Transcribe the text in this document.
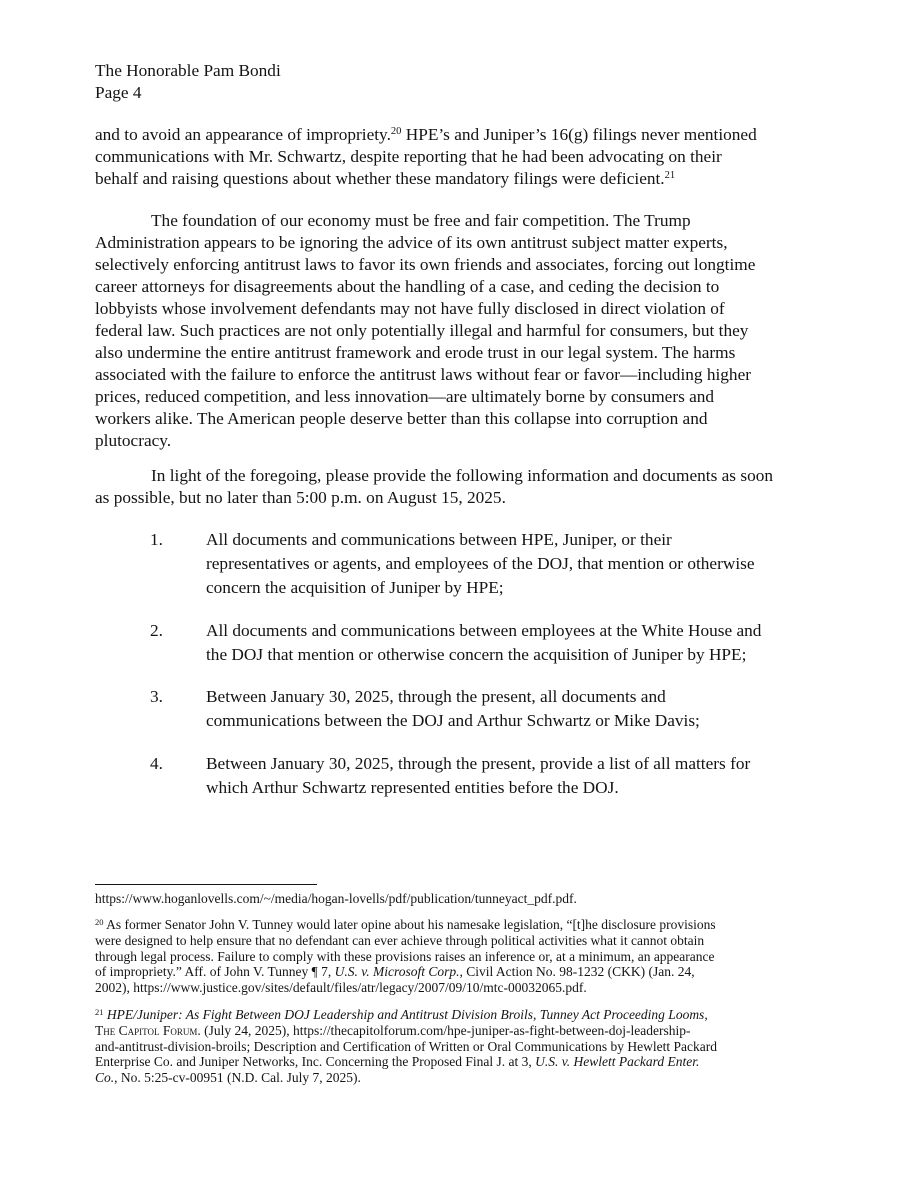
The Honorable Pam Bondi
Page 4
and to avoid an appearance of impropriety.$^{20}$ HPE’s and Juniper’s 16(g) filings never mentioned
communications with Mr. Schwartz, despite reporting that he had been advocating on their
behalf and raising questions about whether these mandatory filings were deficient.$^{21}$
The foundation of our economy must be free and fair competition. The Trump
Administration appears to be ignoring the advice of its own antitrust subject matter experts,
selectively enforcing antitrust laws to favor its own friends and associates, forcing out longtime
career attorneys for disagreements about the handling of a case, and ceding the decision to
lobbyists whose involvement defendants may not have fully disclosed in direct violation of
federal law. Such practices are not only potentially illegal and harmful for consumers, but they
also undermine the entire antitrust framework and erode trust in our legal system. The harms
associated with the failure to enforce the antitrust laws without fear or favor—including higher
prices, reduced competition, and less innovation—are ultimately borne by consumers and
workers alike. The American people deserve better than this collapse into corruption and
plutocracy.
In light of the foregoing, please provide the following information and documents as soon
as possible, but no later than 5:00 p.m. on August 15, 2025.
1. All documents and communications between HPE, Juniper, or their
representatives or agents, and employees of the DOJ, that mention or otherwise
concern the acquisition of Juniper by HPE;
2. All documents and communications between employees at the White House and
the DOJ that mention or otherwise concern the acquisition of Juniper by HPE;
3. Between January 30, 2025, through the present, all documents and
communications between the DOJ and Arthur Schwartz or Mike Davis;
4. Between January 30, 2025, through the present, provide a list of all matters for
which Arthur Schwartz represented entities before the DOJ.
https://www.hoganlovells.com/~/media/hogan-lovells/pdf/publication/tunneyact_pdf.pdf.
$^{20}$ As former Senator John V. Tunney would later opine about his namesake legislation, “[t]he disclosure provisions
were designed to help ensure that no defendant can ever achieve through political activities what it cannot obtain
through legal process. Failure to comply with these provisions raises an inference or, at a minimum, an appearance
of impropriety.” Aff. of John V. Tunney ¶ 7, U.S. v. Microsoft Corp., Civil Action No. 98-1232 (CKK) (Jan. 24,
2002), https://www.justice.gov/sites/default/files/atr/legacy/2007/09/10/mtc-00032065.pdf.
$^{21}$ HPE/Juniper: As Fight Between DOJ Leadership and Antitrust Division Broils, Tunney Act Proceeding Looms,
The Capitol Forum. (July 24, 2025), https://thecapitolforum.com/hpe-juniper-as-fight-between-doj-leadership-
and-antitrust-division-broils; Description and Certification of Written or Oral Communications by Hewlett Packard
Enterprise Co. and Juniper Networks, Inc. Concerning the Proposed Final J. at 3, U.S. v. Hewlett Packard Enter.
Co., No. 5:25-cv-00951 (N.D. Cal. July 7, 2025).
